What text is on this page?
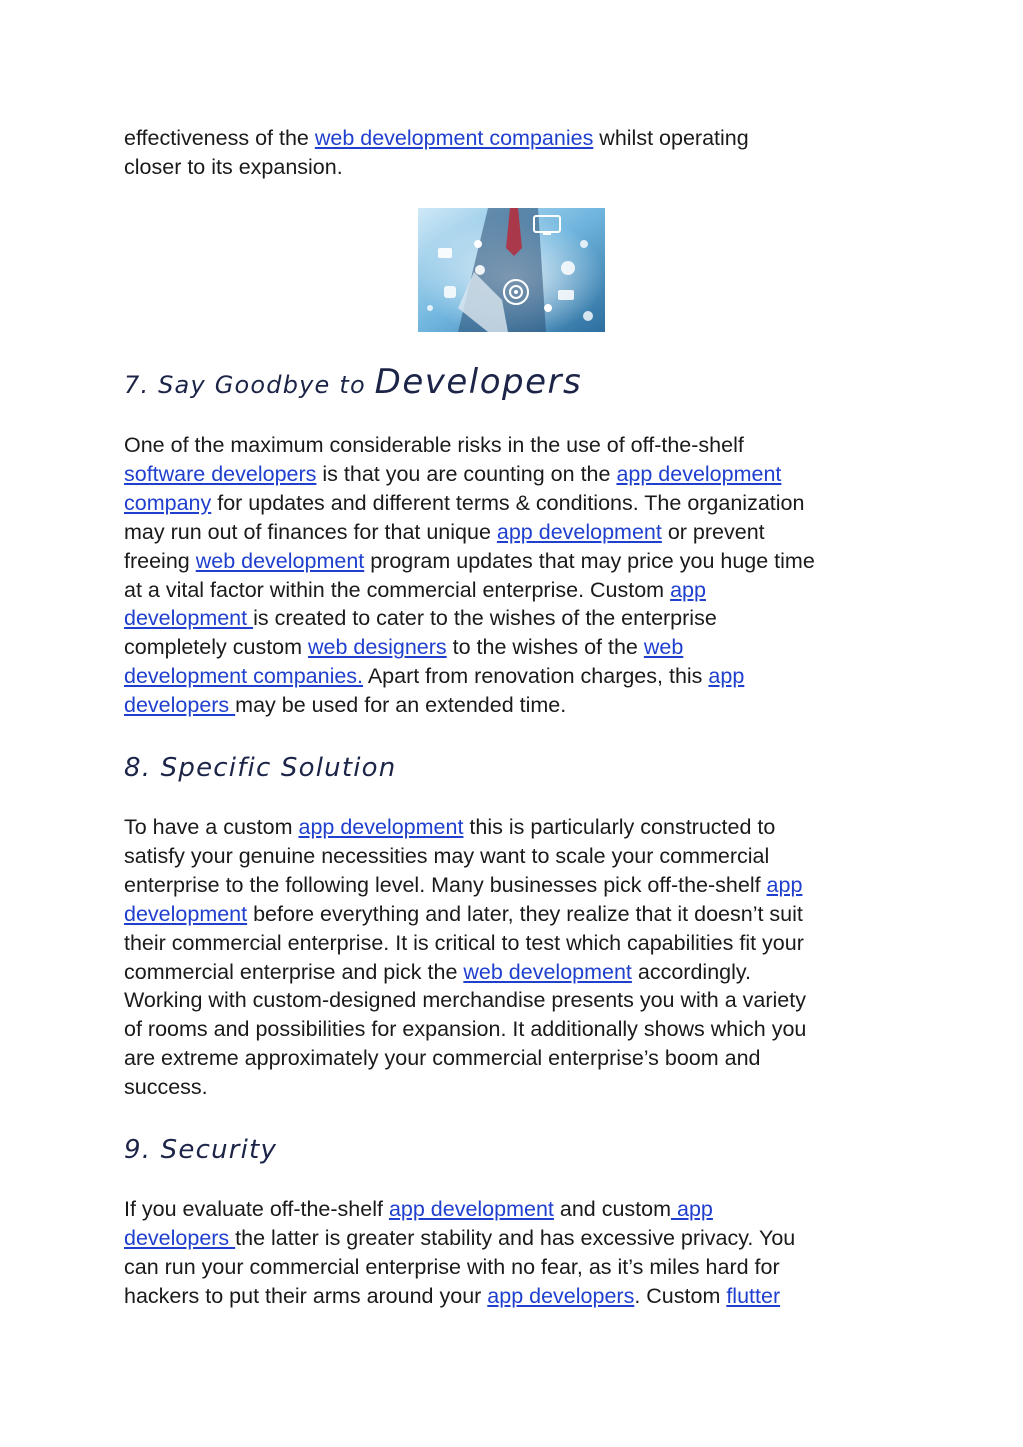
effectiveness of the web development companies whilst operating
closer to its expansion.

7. Say Goodbye to Developers

One of the maximum considerable risks in the use of off-the-shelf
software developers is that you are counting on the app development
company for updates and different terms & conditions. The organization
may run out of finances for that unique app development or prevent
freeing web development program updates that may price you huge time
at a vital factor within the commercial enterprise. Custom app
development is created to cater to the wishes of the enterprise
completely custom web designers to the wishes of the web
development companies. Apart from renovation charges, this app
developers may be used for an extended time.

8. Specific Solution

To have a custom app development this is particularly constructed to
satisfy your genuine necessities may want to scale your commercial
enterprise to the following level. Many businesses pick off-the-shelf app
development before everything and later, they realize that it doesn’t suit
their commercial enterprise. It is critical to test which capabilities fit your
commercial enterprise and pick the web development accordingly.
Working with custom-designed merchandise presents you with a variety
of rooms and possibilities for expansion. It additionally shows which you
are extreme approximately your commercial enterprise’s boom and
success.

9. Security

If you evaluate off-the-shelf app development and custom app
developers the latter is greater stability and has excessive privacy. You
can run your commercial enterprise with no fear, as it’s miles hard for
hackers to put their arms around your app developers. Custom flutter
